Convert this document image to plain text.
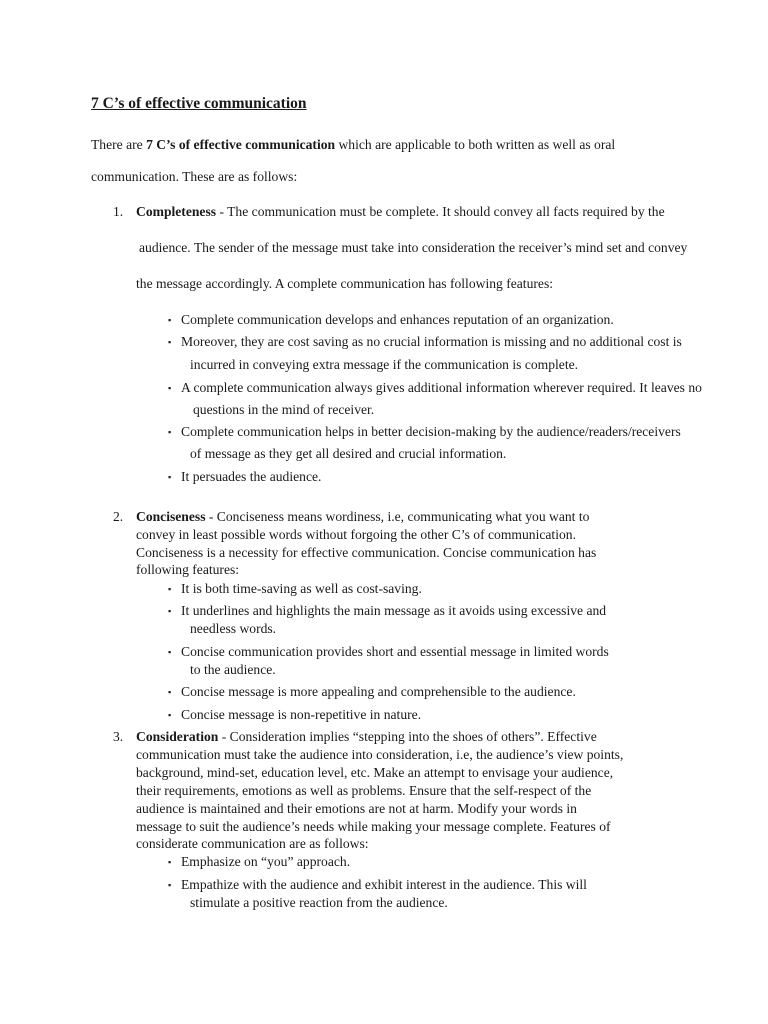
7 C’s of effective communication
There are 7 C’s of effective communication which are applicable to both written as well as oral
communication. These are as follows:
1. Completeness - The communication must be complete. It should convey all facts required by the
audience. The sender of the message must take into consideration the receiver’s mind set and convey
the message accordingly. A complete communication has following features:
▪ Complete communication develops and enhances reputation of an organization.
▪ Moreover, they are cost saving as no crucial information is missing and no additional cost is
incurred in conveying extra message if the communication is complete.
▪ A complete communication always gives additional information wherever required. It leaves no
questions in the mind of receiver.
▪ Complete communication helps in better decision-making by the audience/readers/receivers
of message as they get all desired and crucial information.
▪ It persuades the audience.
2. Conciseness - Conciseness means wordiness, i.e, communicating what you want to
convey in least possible words without forgoing the other C’s of communication.
Conciseness is a necessity for effective communication. Concise communication has
following features:
▪ It is both time-saving as well as cost-saving.
▪ It underlines and highlights the main message as it avoids using excessive and
needless words.
▪ Concise communication provides short and essential message in limited words
to the audience.
▪ Concise message is more appealing and comprehensible to the audience.
▪ Concise message is non-repetitive in nature.
3. Consideration - Consideration implies “stepping into the shoes of others”. Effective
communication must take the audience into consideration, i.e, the audience’s view points,
background, mind-set, education level, etc. Make an attempt to envisage your audience,
their requirements, emotions as well as problems. Ensure that the self-respect of the
audience is maintained and their emotions are not at harm. Modify your words in
message to suit the audience’s needs while making your message complete. Features of
considerate communication are as follows:
▪ Emphasize on “you” approach.
▪ Empathize with the audience and exhibit interest in the audience. This will
stimulate a positive reaction from the audience.
